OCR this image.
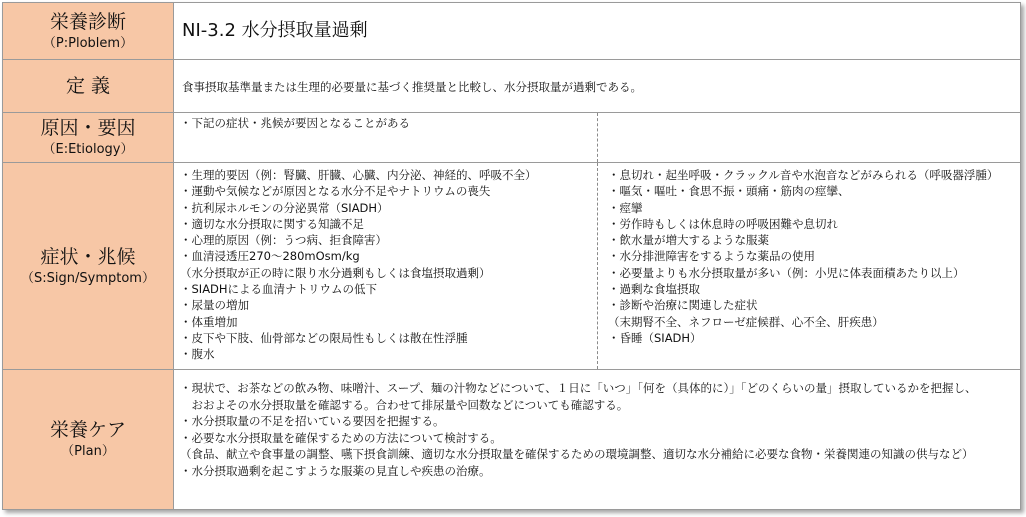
栄養診断
（P:Ploblem）
NI-3.2 水分摂取量過剰
定 義	食事摂取基準量または生理的必要量に基づく推奨量と比較し、水分摂取量が過剰である。
原因・要因
（E:Etiology）
・下記の症状・兆候が要因となることがある
症状・兆候
（S:Sign/Symptom）
・生理的要因（例：腎臓、肝臓、心臓、内分泌、神経的、呼吸不全）
・運動や気候などが原因となる水分不足やナトリウムの喪失
・抗利尿ホルモンの分泌異常（SIADH）
・適切な水分摂取に関する知識不足
・心理的原因（例：うつ病、拒食障害）
・血清浸透圧270～280mOsm/kg
（水分摂取が正の時に限り水分過剰もしくは食塩摂取過剰）
・SIADHによる血清ナトリウムの低下
・尿量の増加
・体重増加
・皮下や下肢、仙骨部などの限局性もしくは散在性浮腫
・腹水
・息切れ・起坐呼吸・クラックル音や水泡音などがみられる（呼吸器浮腫）
・嘔気・嘔吐・食思不振・頭痛・筋肉の痙攣、
・痙攣
・労作時もしくは休息時の呼吸困難や息切れ
・飲水量が増大するような服薬
・水分排泄障害をするような薬品の使用
・必要量よりも水分摂取量が多い（例：小児に体表面積あたり以上）
・過剰な食塩摂取
・診断や治療に関連した症状
（末期腎不全、ネフローゼ症候群、心不全、肝疾患）
・昏睡（SIADH）
栄養ケア
（Plan）
・現状で、お茶などの飲み物、味噌汁、スープ、麺の汁物などについて、１日に「いつ」「何を（具体的に）」「どのくらいの量」摂取しているかを把握し、
　おおよその水分摂取量を確認する。合わせて排尿量や回数などについても確認する。
・水分摂取量の不足を招いている要因を把握する。
・必要な水分摂取量を確保するための方法について検討する。
（食品、献立や食事量の調整、嚥下摂食訓練、適切な水分摂取量を確保するための環境調整、適切な水分補給に必要な食物・栄養関連の知識の供与など）
・水分摂取過剰を起こすような服薬の見直しや疾患の治療。
